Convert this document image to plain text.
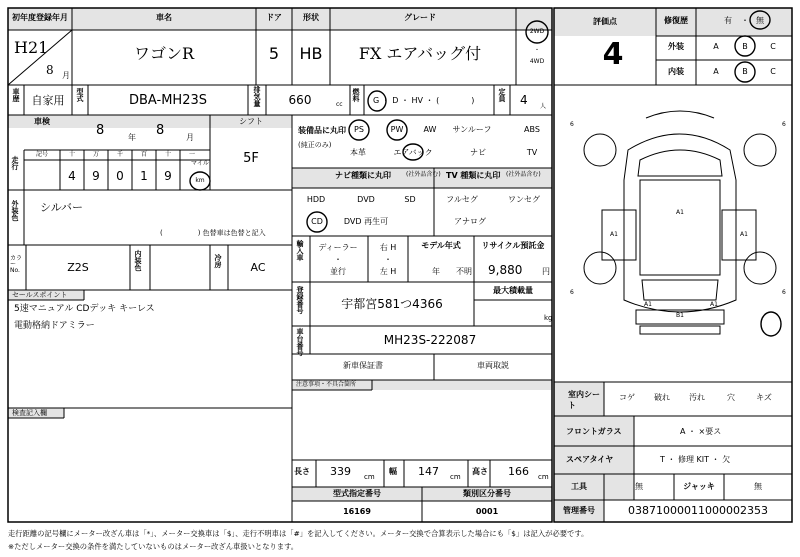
初年度登録年月	車名	ドア	形状	グレード
H21
8 月
ワゴンR	5 HB FX エアバッグ付
2WD
・
4WD
評価点
4
修復歴	有 ・ 無
外装	A	B	C
内装	A	B	C
車歴 自家用 型式	DBA-MH23S	排気量 660	cc
燃料 G ・ D ・ HV ・ (　　　　)	定員 4 人
車検
8	年 8	月
シフト
5F
走行
記号	十	万	千	百	十	一
4 9 0 1 9
マイル
km
外装色 シルバー
(　　　　　) 色替車は色替と記入
カラーNo.	Z2S	内装色	冷房	AC
セールスポイント
5速マニュアル CDデッキ キーレス
電動格納ドアミラー
検査記入欄
装備品に丸印
(純正のみ)
PS	PW	AW サンルーフ	ABS
本革	エアバック	ナビ	TV
ナビ種類に丸印	(社外品含む) TV 種類に丸印 (社外品含む)
HDD	DVD	SD
CD	DVD 再生可
フルセグ	ワンセグ
アナログ
輸入車 ディーラー
・
並行
右 H
・
左 H
モデル年式
年 不明
リサイクル預託金
9,880 円
登録番号	宇都宮581つ4366
最大積載量
kg
車台番号	MH23S-222087
新車保証書	車両取説
注意事項・不具合箇所
長さ 339 cm
幅 147 cm
高さ 166 cm
型式指定番号	類別区分番号
16169	0001
A1
A1	A1
A1
B1
A1
6	6
6	6
室内シート
コゲ 破れ 汚れ	穴	キズ
フロントガラス	A ・ ×要ス
スペアタイヤ	T ・ 修理 KIT ・ 欠
工具	無	ジャッキ	無
管理番号	03871000011000002353
走行距離の記号欄にメーター改ざん車は「*」、メーター交換車は「$」、走行不明車は「#」を記入してください。メーター交換で合算表示した場合にも「$」は記入が必要です。
※ただしメーター交換の条件を満たしていないものはメーター改ざん車扱いとなります。
